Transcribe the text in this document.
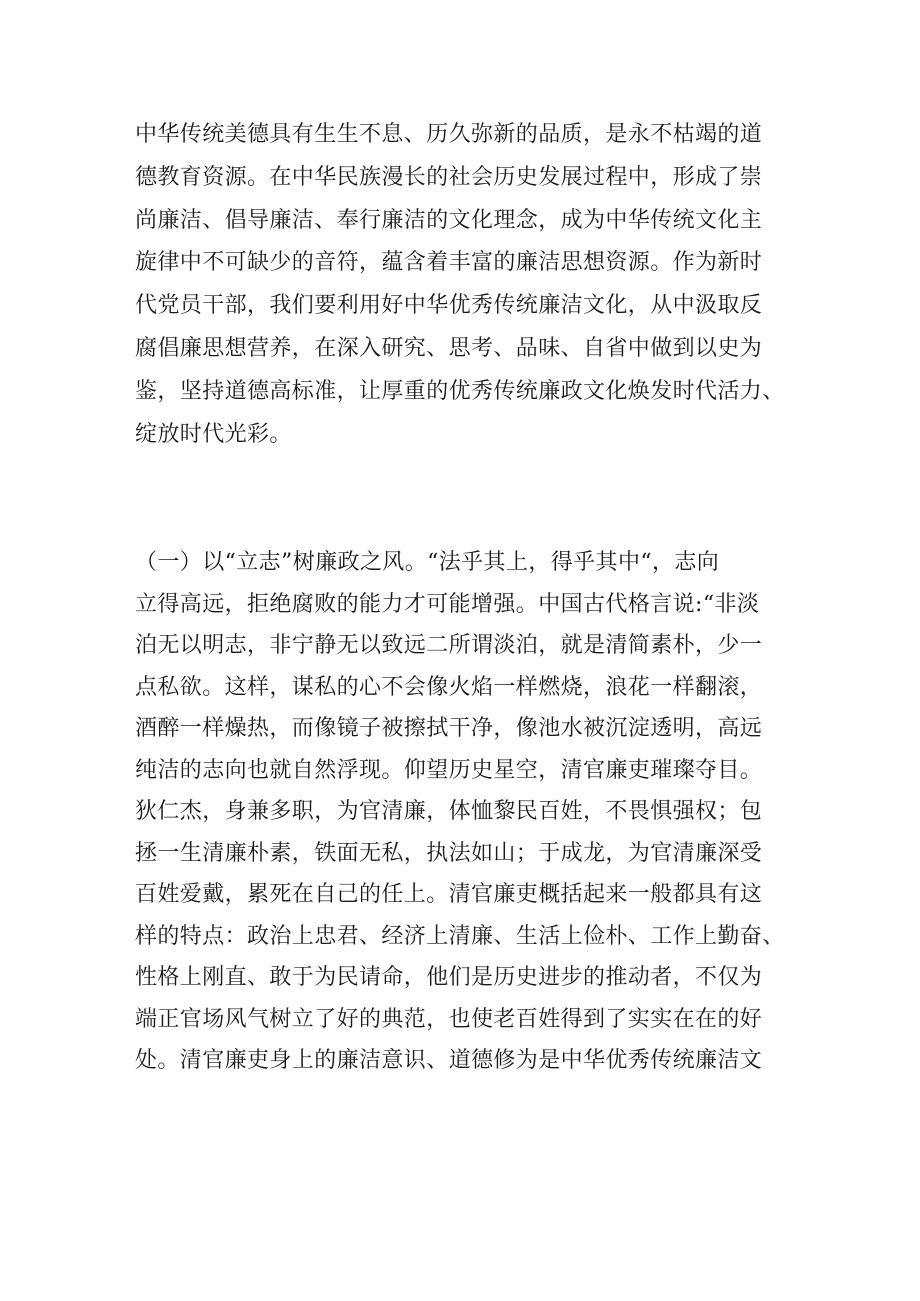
中华传统美德具有生生不息、历久弥新的品质，是永不枯竭的道
德教育资源。在中华民族漫长的社会历史发展过程中，形成了崇
尚廉洁、倡导廉洁、奉行廉洁的文化理念，成为中华传统文化主
旋律中不可缺少的音符，蕴含着丰富的廉洁思想资源。作为新时
代党员干部，我们要利用好中华优秀传统廉洁文化，从中汲取反
腐倡廉思想营养，在深入研究、思考、品味、自省中做到以史为
鉴，坚持道德高标准，让厚重的优秀传统廉政文化焕发时代活力、
绽放时代光彩。
（一）以“立志”树廉政之风。“法乎其上，得乎其中“，志向
立得高远，拒绝腐败的能力才可能增强。中国古代格言说:“非淡
泊无以明志，非宁静无以致远二所谓淡泊，就是清简素朴，少一
点私欲。这样，谋私的心不会像火焰一样燃烧，浪花一样翻滚，
酒醉一样燥热，而像镜子被擦拭干净，像池水被沉淀透明，高远
纯洁的志向也就自然浮现。仰望历史星空，清官廉吏璀璨夺目。
狄仁杰，身兼多职，为官清廉，体恤黎民百姓，不畏惧强权；包
拯一生清廉朴素，铁面无私，执法如山；于成龙，为官清廉深受
百姓爱戴，累死在自己的任上。清官廉吏概括起来一般都具有这
样的特点：政治上忠君、经济上清廉、生活上俭朴、工作上勤奋、
性格上刚直、敢于为民请命，他们是历史进步的推动者，不仅为
端正官场风气树立了好的典范，也使老百姓得到了实实在在的好
处。清官廉吏身上的廉洁意识、道德修为是中华优秀传统廉洁文
